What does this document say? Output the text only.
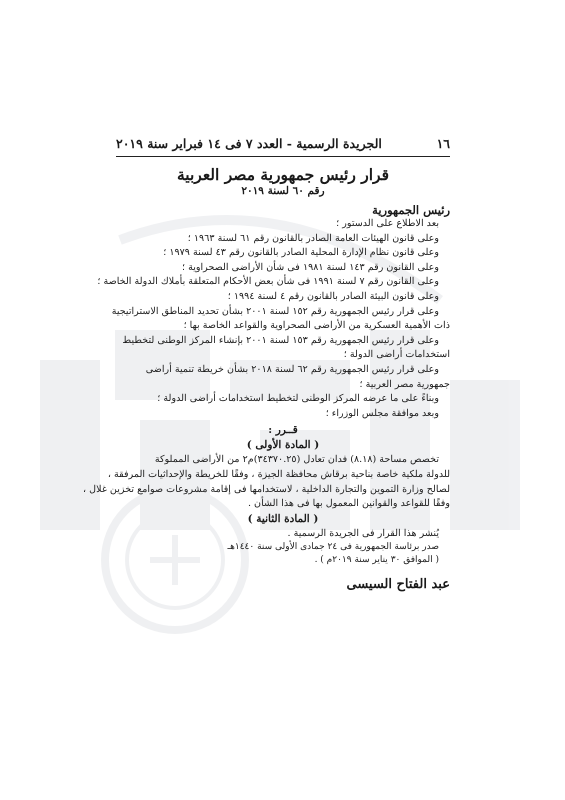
١٦
الجريدة الرسمية - العدد ٧ فى ١٤ فبراير سنة ٢٠١٩
قرار رئيس جمهورية مصر العربية
رقم ٦٠ لسنة ٢٠١٩
رئيس الجمهورية
بعد الاطلاع على الدستور ؛
وعلى قانون الهيئات العامة الصادر بالقانون رقم ٦١ لسنة ١٩٦٣ ؛
وعلى قانون نظام الإدارة المحلية الصادر بالقانون رقم ٤٣ لسنة ١٩٧٩ ؛
وعلى القانون رقم ١٤٣ لسنة ١٩٨١ فى شأن الأراضى الصحراوية ؛
وعلى القانون رقم ٧ لسنة ١٩٩١ فى شأن بعض الأحكام المتعلقة بأملاك الدولة الخاصة ؛
وعلى قانون البيئة الصادر بالقانون رقم ٤ لسنة ١٩٩٤ ؛
وعلى قرار رئيس الجمهورية رقم ١٥٢ لسنة ٢٠٠١ بشأن تحديد المناطق الاستراتيجية
ذات الأهمية العسكرية من الأراضى الصحراوية والقواعد الخاصة بها ؛
وعلى قرار رئيس الجمهورية رقم ١٥٣ لسنة ٢٠٠١ بإنشاء المركز الوطنى لتخطيط
استخدامات أراضى الدولة ؛
وعلى قرار رئيس الجمهورية رقم ٦٢ لسنة ٢٠١٨ بشأن خريطة تنمية أراضى
جمهورية مصر العربية ؛
وبناءً على ما عرضه المركز الوطنى لتخطيط استخدامات أراضى الدولة ؛
وبعد موافقة مجلس الوزراء ؛
قــرر :
( المادة الأولى )
تخصص مساحة (٨.١٨) فدان تعادل (٣٤٣٧٠.٢٥)م٢ من الأراضى المملوكة
للدولة ملكية خاصة بناحية برقاش محافظة الجيزة ، وفقًا للخريطة والإحداثيات المرفقة ،
لصالح وزارة التموين والتجارة الداخلية ، لاستخدامها فى إقامة مشروعات صوامع تخزين غلال ،
وفقًا للقواعد والقوانين المعمول بها فى هذا الشأن .
( المادة الثانية )
يُنشر هذا القرار فى الجريدة الرسمية .
صدر برئاسة الجمهورية فى ٢٤ جمادى الأولى سنة ١٤٤٠هـ
( الموافق ٣٠ يناير سنة ٢٠١٩م ) .
عبد الفتاح السيسى
